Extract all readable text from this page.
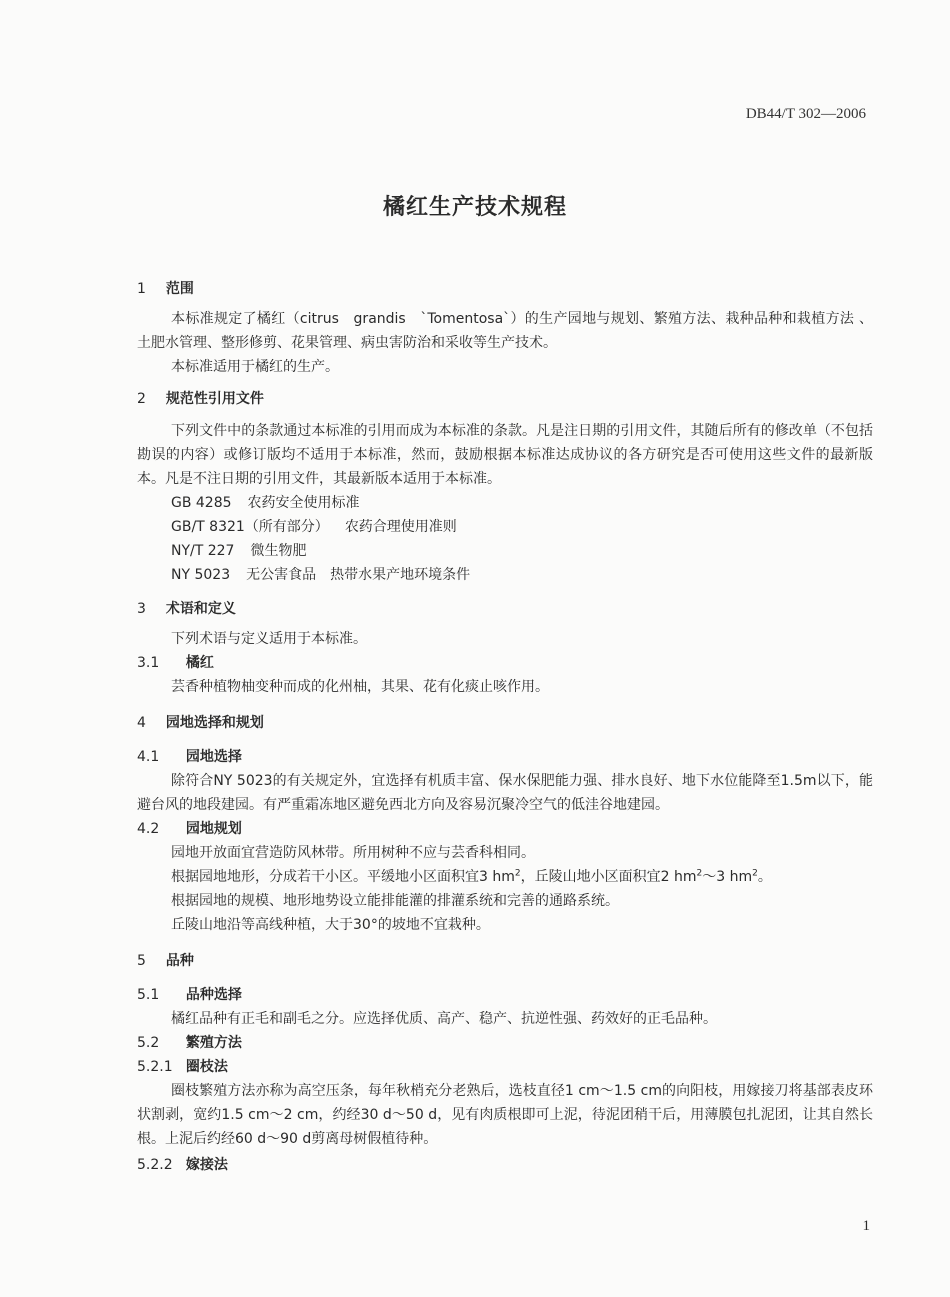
DB44/T 302—2006
橘红生产技术规程
1 范围
本标准规定了橘红（citrus　grandis　`Tomentosa`）的生产园地与规划、繁殖方法、栽种品种和栽植方法 、土肥水管理、整形修剪、花果管理、病虫害防治和采收等生产技术。
本标准适用于橘红的生产。
2 规范性引用文件
下列文件中的条款通过本标准的引用而成为本标准的条款。凡是注日期的引用文件，其随后所有的修改单（不包括勘误的内容）或修订版均不适用于本标准，然而，鼓励根据本标准达成协议的各方研究是否可使用这些文件的最新版本。凡是不注日期的引用文件，其最新版本适用于本标准。
GB 4285 农药安全使用标准
GB/T 8321（所有部分） 农药合理使用准则
NY/T 227 微生物肥
NY 5023 无公害食品　热带水果产地环境条件
3 术语和定义
下列术语与定义适用于本标准。
3.1 橘红
芸香种植物柚变种而成的化州柚，其果、花有化痰止咳作用。
4 园地选择和规划
4.1 园地选择
除符合NY 5023的有关规定外，宜选择有机质丰富、保水保肥能力强、排水良好、地下水位能降至1.5m以下，能避台风的地段建园。有严重霜冻地区避免西北方向及容易沉聚冷空气的低洼谷地建园。
4.2 园地规划
园地开放面宜营造防风林带。所用树种不应与芸香科相同。
根据园地地形，分成若干小区。平缓地小区面积宜3 $hm^2$，丘陵山地小区面积宜2 $hm^2\sim 3$ $hm^2$。
根据园地的规模、地形地势设立能排能灌的排灌系统和完善的通路系统。
丘陵山地沿等高线种植，大于30°的坡地不宜栽种。
5 品种
5.1 品种选择
橘红品种有正毛和副毛之分。应选择优质、高产、稳产、抗逆性强、药效好的正毛品种。
5.2 繁殖方法
5.2.1 圈枝法
圈枝繁殖方法亦称为高空压条，每年秋梢充分老熟后，选枝直径1 cm～1.5 cm的向阳枝，用嫁接刀将基部表皮环状割剥，宽约1.5 cm～2 cm，约经30 d～50 d，见有肉质根即可上泥，待泥团稍干后，用薄膜包扎泥团，让其自然长根。上泥后约经60 d～90 d剪离母树假植待种。
5.2.2 嫁接法
1
